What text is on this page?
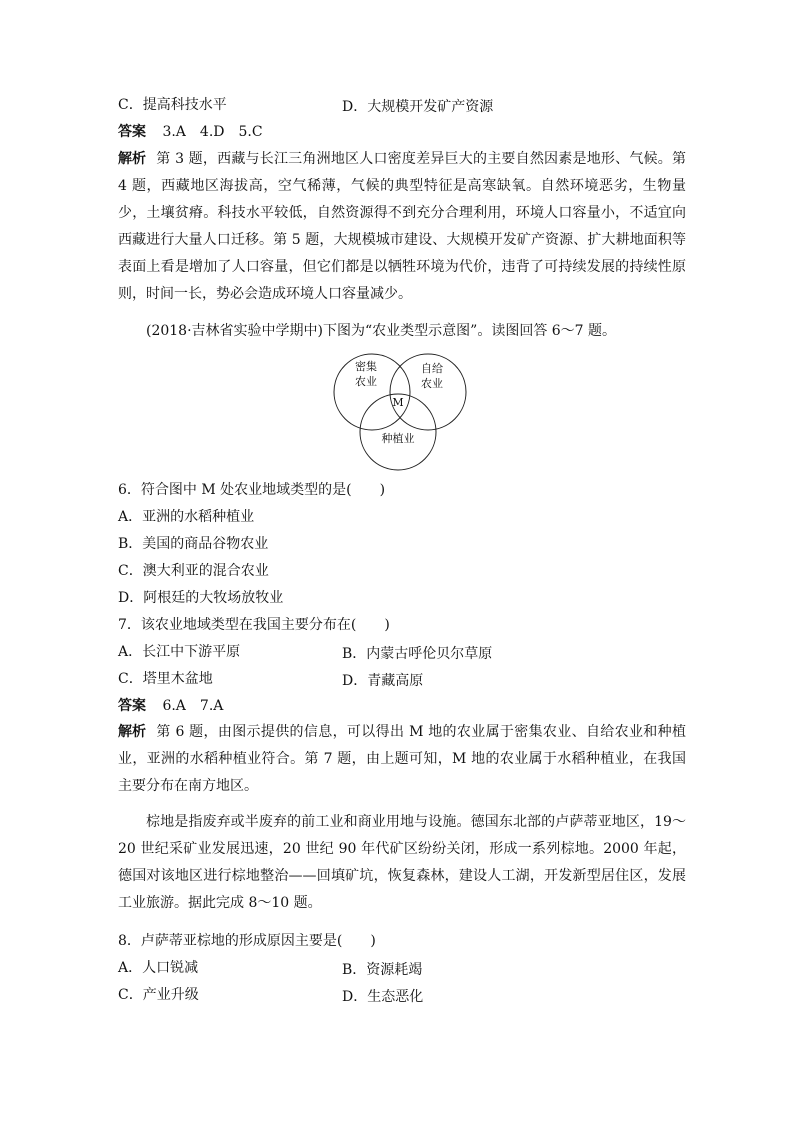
C．提高科技水平	D．大规模开发矿产资源
答案 3.A　4.D　5.C
解析 第 3 题，西藏与长江三角洲地区人口密度差异巨大的主要自然因素是地形、气候。第 4 题，西藏地区海拔高，空气稀薄，气候的典型特征是高寒缺氧。自然环境恶劣，生物量少，土壤贫瘠。科技水平较低，自然资源得不到充分合理利用，环境人口容量小，不适宜向西藏进行大量人口迁移。第 5 题，大规模城市建设、大规模开发矿产资源、扩大耕地面积等表面上看是增加了人口容量，但它们都是以牺牲环境为代价，违背了可持续发展的持续性原则，时间一长，势必会造成环境人口容量减少。
(2018·吉林省实验中学期中)下图为“农业类型示意图”。读图回答 6～7 题。
密集
农业
自给
农业
M
种植业
6．符合图中 M 处农业地域类型的是(　　)
A．亚洲的水稻种植业
B．美国的商品谷物农业
C．澳大利亚的混合农业
D．阿根廷的大牧场放牧业
7．该农业地域类型在我国主要分布在(　　)
A．长江中下游平原	B．内蒙古呼伦贝尔草原
C．塔里木盆地	D．青藏高原
答案 6.A　7.A
解析 第 6 题，由图示提供的信息，可以得出 M 地的农业属于密集农业、自给农业和种植业，亚洲的水稻种植业符合。第 7 题，由上题可知，M 地的农业属于水稻种植业，在我国主要分布在南方地区。
棕地是指废弃或半废弃的前工业和商业用地与设施。德国东北部的卢萨蒂亚地区，19～20 世纪采矿业发展迅速，20 世纪 90 年代矿区纷纷关闭，形成一系列棕地。2000 年起，德国对该地区进行棕地整治——回填矿坑，恢复森林，建设人工湖，开发新型居住区，发展工业旅游。据此完成 8～10 题。
8．卢萨蒂亚棕地的形成原因主要是(　　)
A．人口锐减	B．资源耗竭
C．产业升级	D．生态恶化
